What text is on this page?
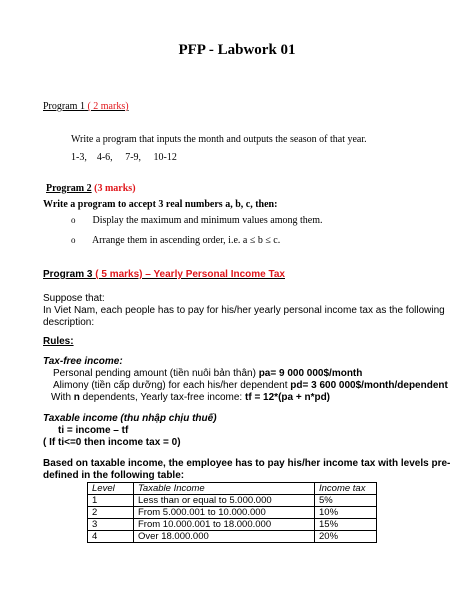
PFP - Labwork 01
Program 1 ( 2 marks)
Write a program that inputs the month and outputs the season of that year.
1-3, 4-6, 7-9, 10-12
Program 2 (3 marks)
Write a program to accept 3 real numbers a, b, c, then:
o Display the maximum and minimum values among them.
o Arrange them in ascending order, i.e. a ≤ b ≤ c.
Program 3 ( 5 marks) – Yearly Personal Income Tax
Suppose that:
In Viet Nam, each people has to pay for his/her yearly personal income tax as the following
description:
Rules:
Tax-free income:
Personal pending amount (tiền nuôi bản thân) pa= 9 000 000$/month
Alimony (tiền cấp dưỡng) for each his/her dependent pd= 3 600 000$/month/dependent
With n dependents, Yearly tax-free income: tf = 12*(pa + n*pd)
Taxable income (thu nhập chịu thuế)
ti = income – tf
( If ti<=0 then income tax = 0)
Based on taxable income, the employee has to pay his/her income tax with levels pre-
defined in the following table:
Level	Taxable Income	Income tax
1	Less than or equal to 5.000.000	5%
2	From 5.000.001 to 10.000.000	10%
3	From 10.000.001 to 18.000.000	15%
4	Over 18.000.000	20%
